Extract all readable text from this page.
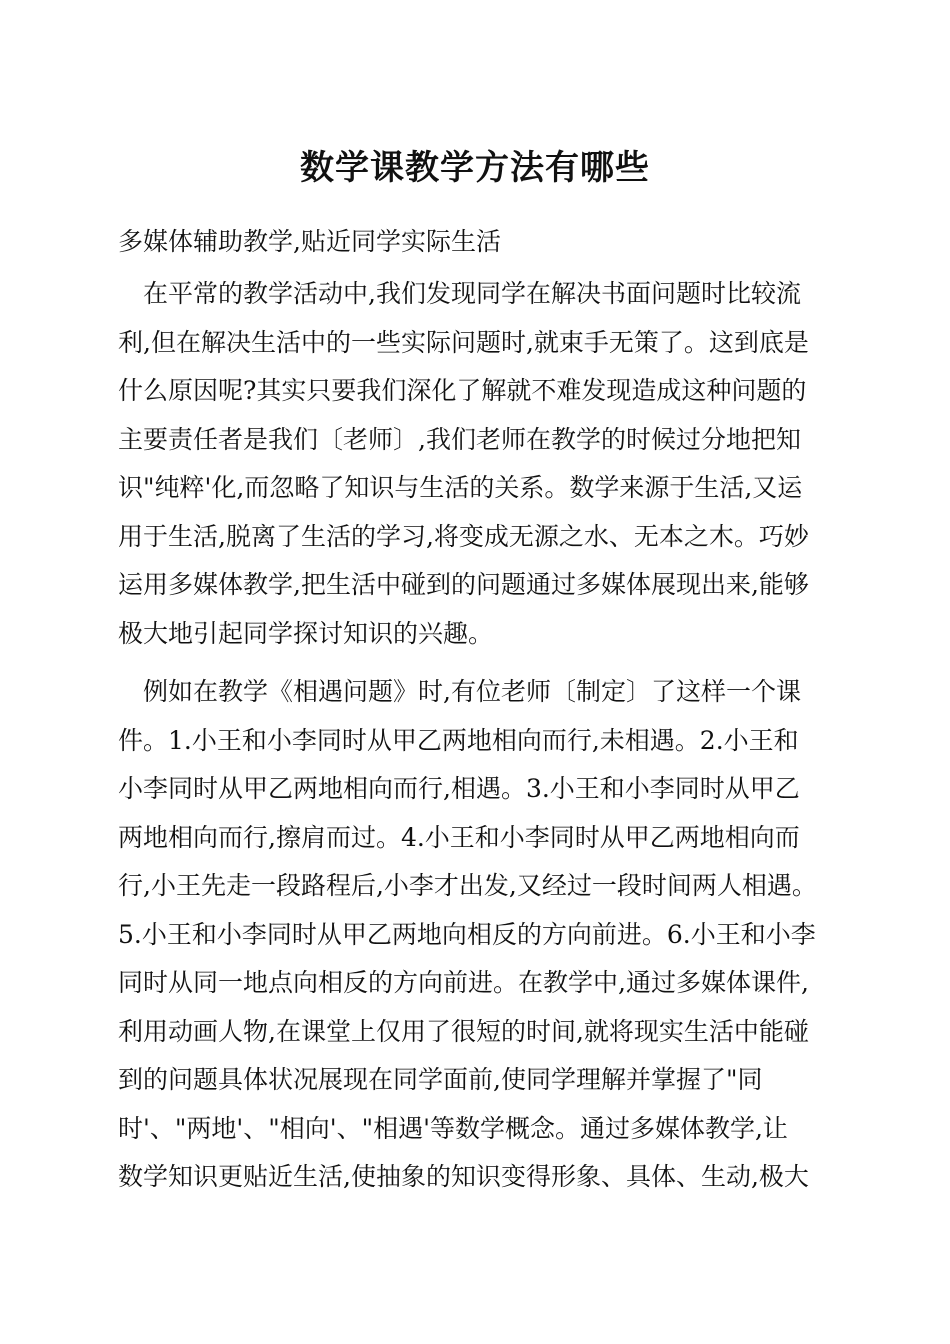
数学课教学方法有哪些
多媒体辅助教学,贴近同学实际生活
　在平常的教学活动中,我们发现同学在解决书面问题时比较流
利,但在解决生活中的一些实际问题时,就束手无策了。这到底是
什么原因呢?其实只要我们深化了解就不难发现造成这种问题的
主要责任者是我们〔老师〕,我们老师在教学的时候过分地把知
识"纯粹'化,而忽略了知识与生活的关系。数学来源于生活,又运
用于生活,脱离了生活的学习,将变成无源之水、无本之木。巧妙
运用多媒体教学,把生活中碰到的问题通过多媒体展现出来,能够
极大地引起同学探讨知识的兴趣。
　例如在教学《相遇问题》时,有位老师〔制定〕了这样一个课
件。1.小王和小李同时从甲乙两地相向而行,未相遇。2.小王和
小李同时从甲乙两地相向而行,相遇。3.小王和小李同时从甲乙
两地相向而行,擦肩而过。4.小王和小李同时从甲乙两地相向而
行,小王先走一段路程后,小李才出发,又经过一段时间两人相遇。
5.小王和小李同时从甲乙两地向相反的方向前进。6.小王和小李
同时从同一地点向相反的方向前进。在教学中,通过多媒体课件,
利用动画人物,在课堂上仅用了很短的时间,就将现实生活中能碰
到的问题具体状况展现在同学面前,使同学理解并掌握了"同
时'、"两地'、"相向'、"相遇'等数学概念。通过多媒体教学,让
数学知识更贴近生活,使抽象的知识变得形象、具体、生动,极大
